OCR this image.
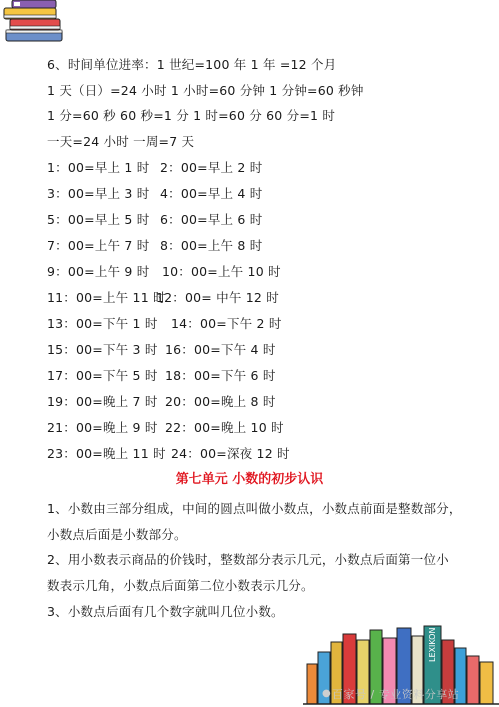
6、时间单位进率：1 世纪=100 年 1 年 =12 个月
1 天（日）=24 小时 1 小时=60 分钟 1 分钟=60 秒钟
1 分=60 秒 60 秒=1 分 1 时=60 分 60 分=1 时
一天=24 小时 一周=7 天
1：00=早上 1 时 2：00=早上 2 时
3：00=早上 3 时 4：00=早上 4 时
5：00=早上 5 时 6：00=早上 6 时
7：00=上午 7 时 8：00=上午 8 时
9：00=上午 9 时 10：00=上午 10 时
11：00=上午 11 时
12：00= 中午 12 时
13：00=下午 1 时 14：00=下午 2 时
15：00=下午 3 时 16：00=下午 4 时
17：00=下午 5 时 18：00=下午 6 时
19：00=晚上 7 时 20：00=晚上 8 时
21：00=晚上 9 时 22：00=晚上 10 时
23：00=晚上 11 时 24：00=深夜 12 时
第七单元 小数的初步认识
1、小数由三部分组成，中间的圆点叫做小数点，小数点前面是整数部分，
小数点后面是小数部分。
2、用小数表示商品的价钱时，整数部分表示几元，小数点后面第一位小
数表示几角，小数点后面第二位小数表示几分。
3、小数点后面有几个数字就叫几位小数。
LEXIKON
● 百家号 / 专业资料分享站
